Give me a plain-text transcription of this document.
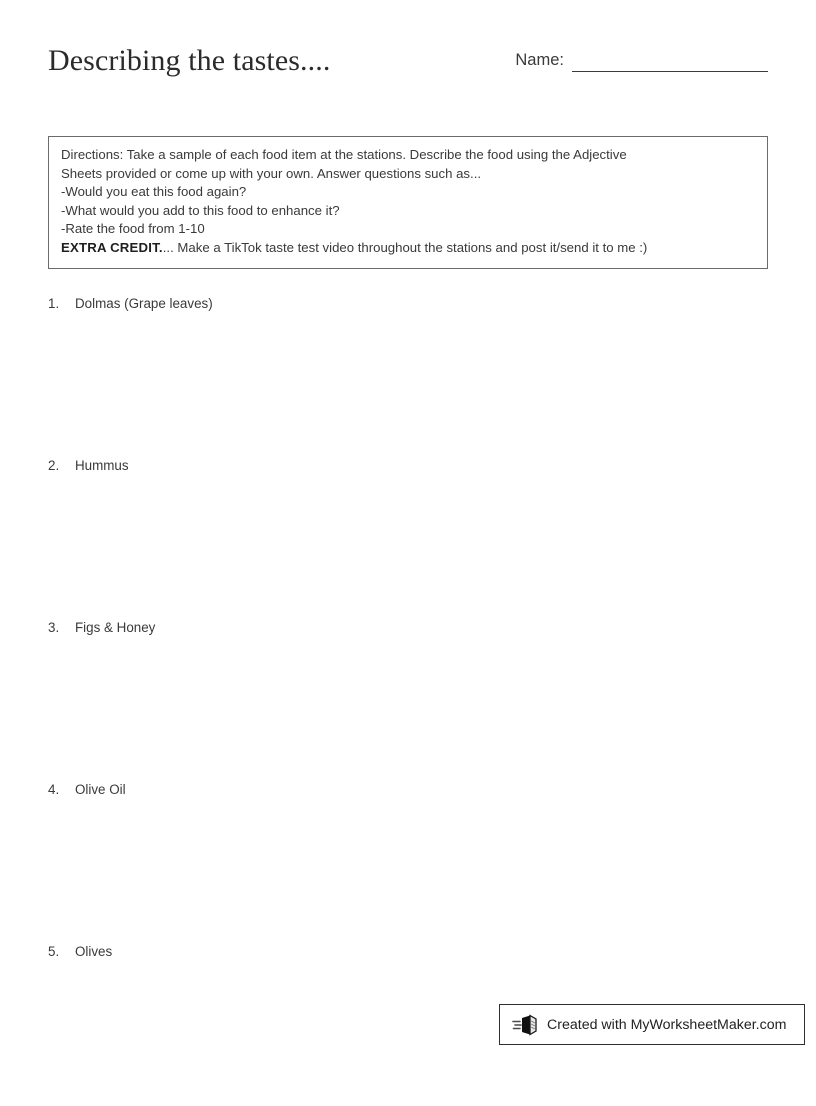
Describing the tastes....	Name:
Directions: Take a sample of each food item at the stations. Describe the food using the Adjective
Sheets provided or come up with your own. Answer questions such as...
-Would you eat this food again?
-What would you add to this food to enhance it?
-Rate the food from 1-10
EXTRA CREDIT.... Make a TikTok taste test video throughout the stations and post it/send it to me :)
1.	Dolmas (Grape leaves)
2.	Hummus
3.	Figs & Honey
4.	Olive Oil
5.	Olives
Created with MyWorksheetMaker.com
